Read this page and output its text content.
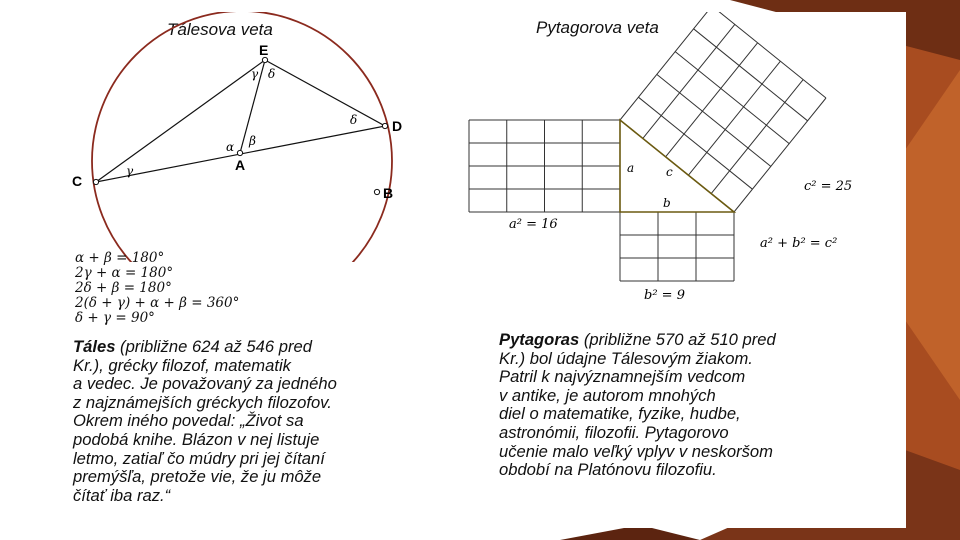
Tálesova veta
E
D
A
C
B
γ δ
α β
γ
δ
α + β = 180°
2γ + α = 180°
2δ + β = 180°
2(δ + γ) + α + β = 360°
δ + γ = 90°
Táles (približne 624 až 546 pred
Kr.), grécky filozof, matematik
a vedec. Je považovaný za jedného
z najznámejších gréckych filozofov.
Okrem iného povedal: „Život sa
podobá knihe. Blázon v nej listuje
letmo, zatiaľ čo múdry pri jej čítaní
premýšľa, pretože vie, že ju môže
čítať iba raz.“
Pytagorova veta
a	c
b
a² = 16
b² = 9
c² = 25
a² + b² = c²
Pytagoras (približne 570 až 510 pred
Kr.) bol údajne Tálesovým žiakom.
Patril k najvýznamnejším vedcom
v antike, je autorom mnohých
diel o matematike, fyzike, hudbe,
astronómii, filozofii. Pytagorovo
učenie malo veľký vplyv v neskoršom
období na Platónovu filozofiu.
